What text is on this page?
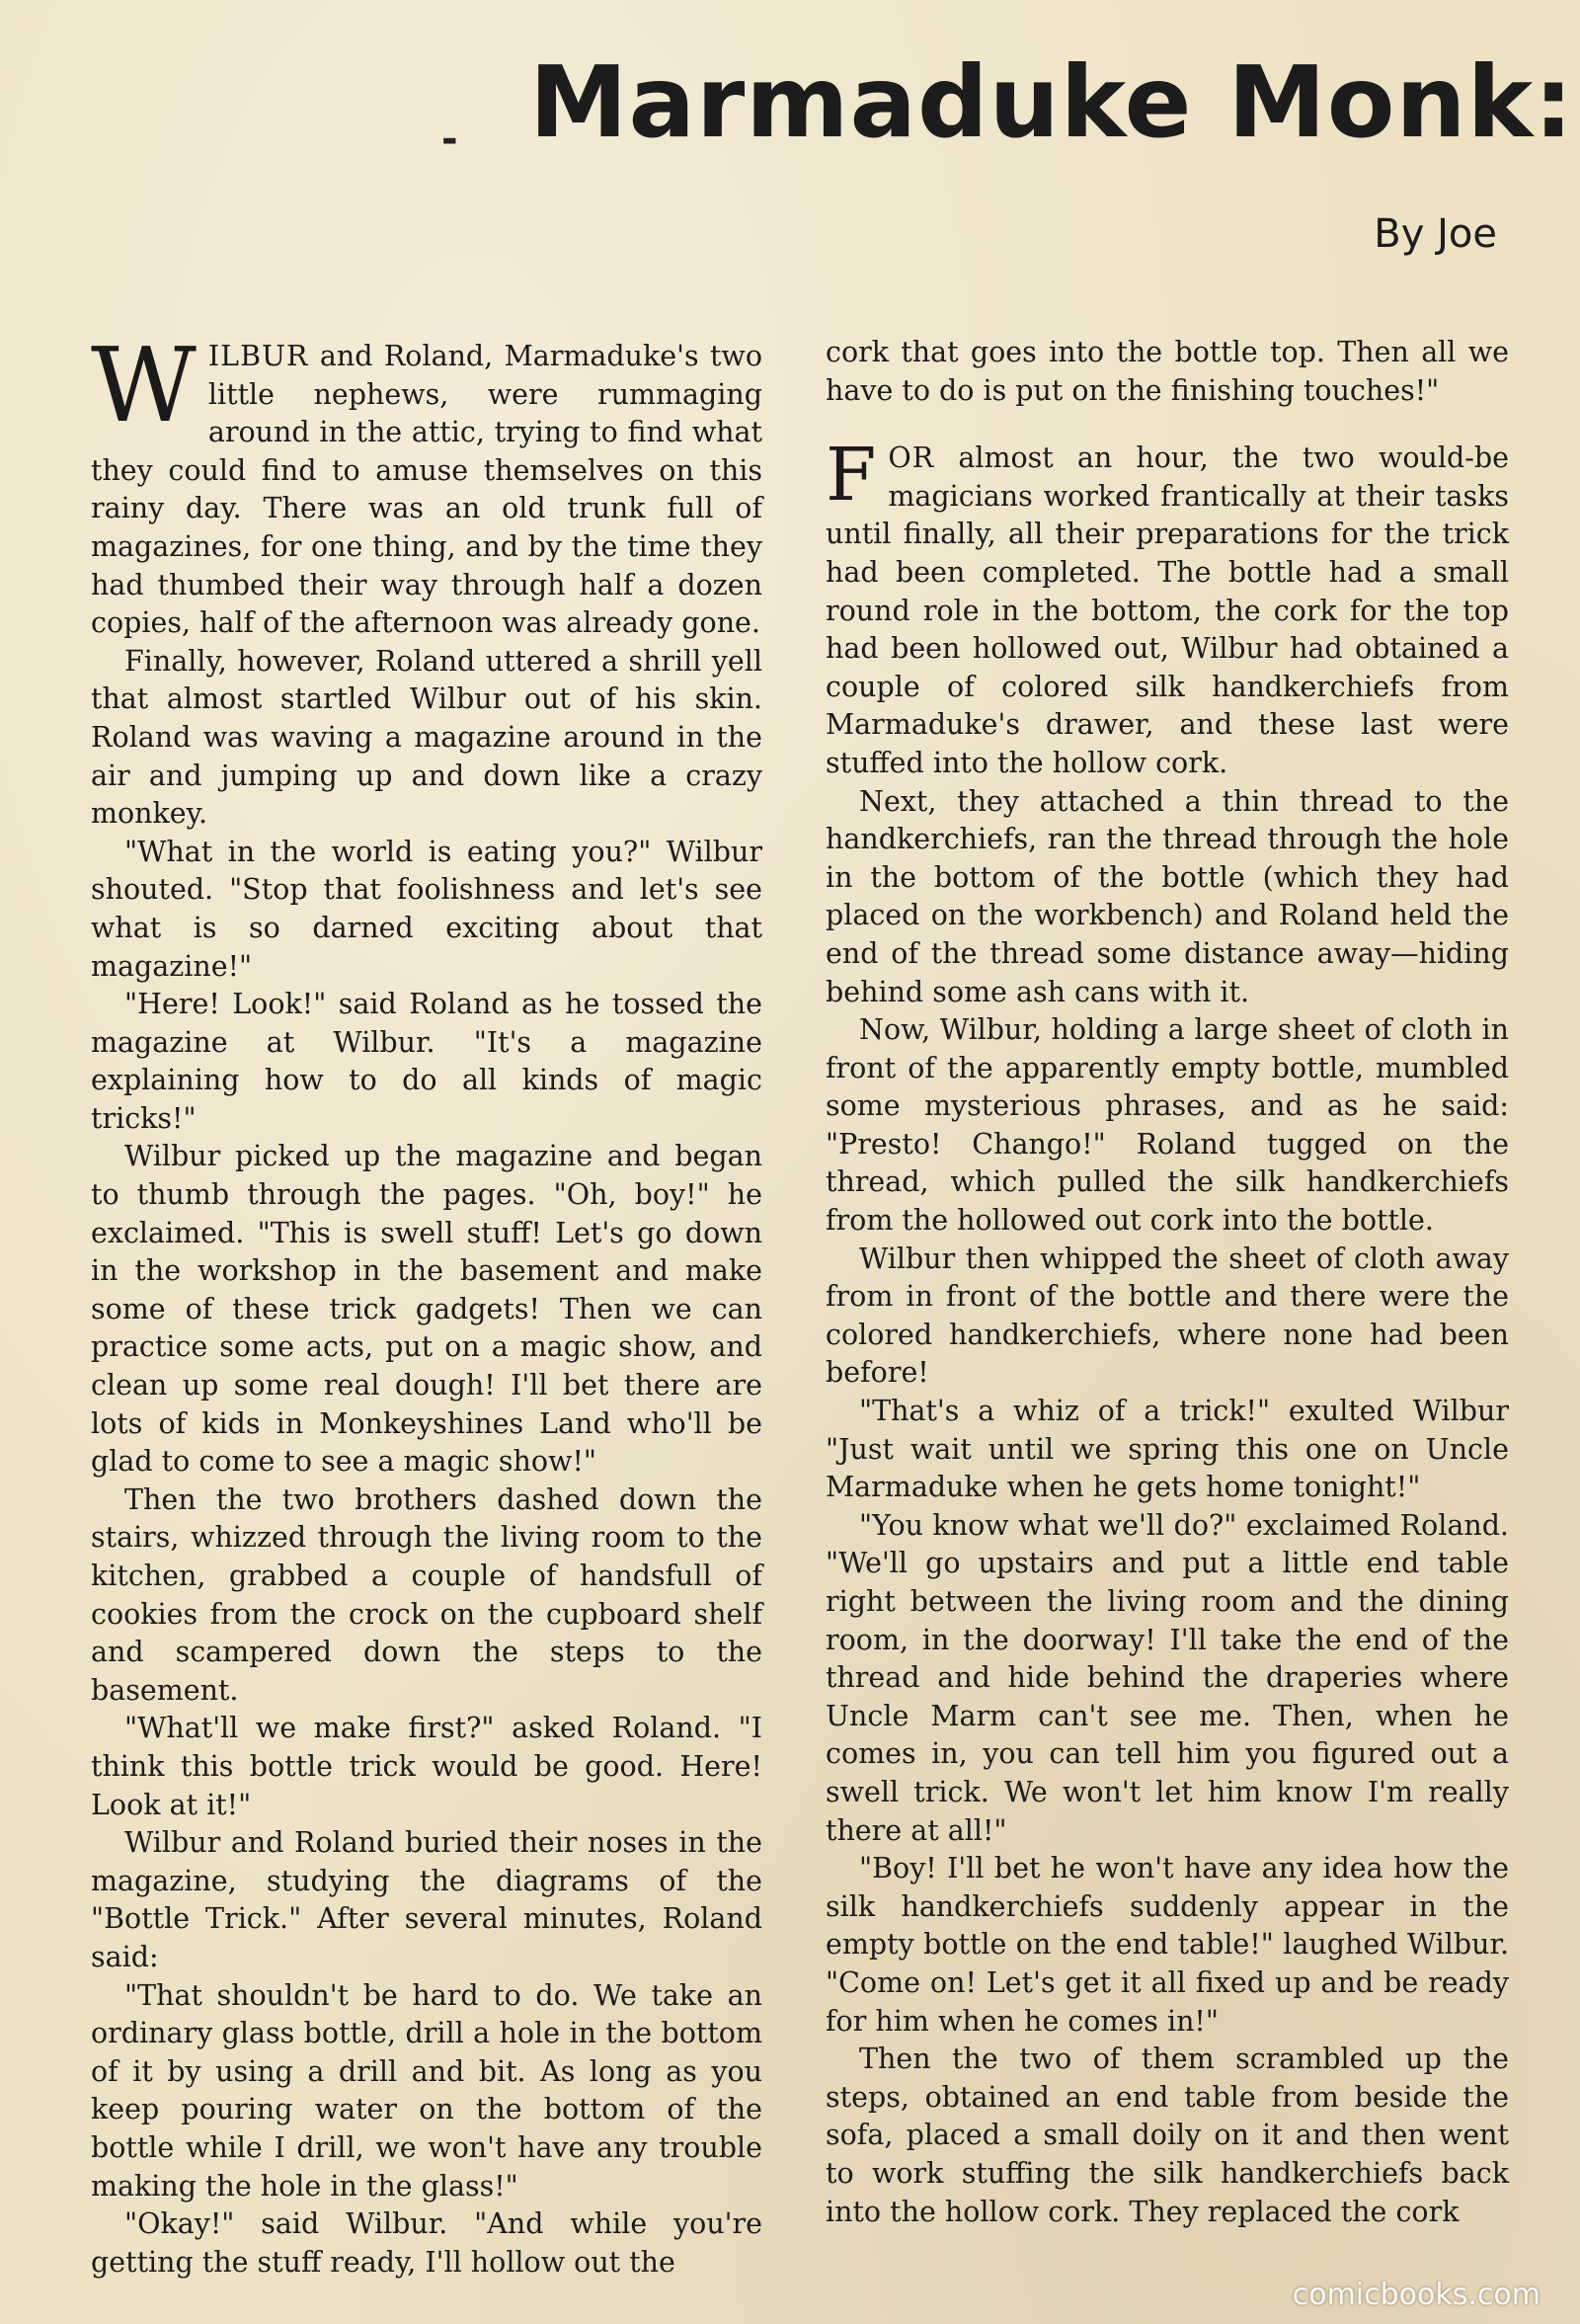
- Marmaduke Monk:
By Joe

WILBUR and Roland, Marmaduke's two little nephews, were rummaging around in the attic, trying to find what they could find to amuse themselves on this rainy day. There was an old trunk full of magazines, for one thing, and by the time they had thumbed their way through half a dozen copies, half of the afternoon was already gone.

Finally, however, Roland uttered a shrill yell that almost startled Wilbur out of his skin. Roland was waving a magazine around in the air and jumping up and down like a crazy monkey.

"What in the world is eating you?" Wilbur shouted. "Stop that foolishness and let's see what is so darned exciting about that magazine!"

"Here! Look!" said Roland as he tossed the magazine at Wilbur. "It's a magazine explaining how to do all kinds of magic tricks!"

Wilbur picked up the magazine and began to thumb through the pages. "Oh, boy!" he exclaimed. "This is swell stuff! Let's go down in the workshop in the basement and make some of these trick gadgets! Then we can practice some acts, put on a magic show, and clean up some real dough! I'll bet there are lots of kids in Monkeyshines Land who'll be glad to come to see a magic show!"

Then the two brothers dashed down the stairs, whizzed through the living room to the kitchen, grabbed a couple of handsfull of cookies from the crock on the cupboard shelf and scampered down the steps to the basement.

"What'll we make first?" asked Roland. "I think this bottle trick would be good. Here! Look at it!"

Wilbur and Roland buried their noses in the magazine, studying the diagrams of the "Bottle Trick." After several minutes, Roland said:

"That shouldn't be hard to do. We take an ordinary glass bottle, drill a hole in the bottom of it by using a drill and bit. As long as you keep pouring water on the bottom of the bottle while I drill, we won't have any trouble making the hole in the glass!"

"Okay!" said Wilbur. "And while you're getting the stuff ready, I'll hollow out the

cork that goes into the bottle top. Then all we have to do is put on the finishing touches!"

FOR almost an hour, the two would-be magicians worked frantically at their tasks until finally, all their preparations for the trick had been completed. The bottle had a small round role in the bottom, the cork for the top had been hollowed out, Wilbur had obtained a couple of colored silk handkerchiefs from Marmaduke's drawer, and these last were stuffed into the hollow cork.

Next, they attached a thin thread to the handkerchiefs, ran the thread through the hole in the bottom of the bottle (which they had placed on the workbench) and Roland held the end of the thread some distance away—hiding behind some ash cans with it.

Now, Wilbur, holding a large sheet of cloth in front of the apparently empty bottle, mumbled some mysterious phrases, and as he said: "Presto! Chango!" Roland tugged on the thread, which pulled the silk handkerchiefs from the hollowed out cork into the bottle.

Wilbur then whipped the sheet of cloth away from in front of the bottle and there were the colored handkerchiefs, where none had been before!

"That's a whiz of a trick!" exulted Wilbur "Just wait until we spring this one on Uncle Marmaduke when he gets home tonight!"

"You know what we'll do?" exclaimed Roland. "We'll go upstairs and put a little end table right between the living room and the dining room, in the doorway! I'll take the end of the thread and hide behind the draperies where Uncle Marm can't see me. Then, when he comes in, you can tell him you figured out a swell trick. We won't let him know I'm really there at all!"

"Boy! I'll bet he won't have any idea how the silk handkerchiefs suddenly appear in the empty bottle on the end table!" laughed Wilbur. "Come on! Let's get it all fixed up and be ready for him when he comes in!"

Then the two of them scrambled up the steps, obtained an end table from beside the sofa, placed a small doily on it and then went to work stuffing the silk handkerchiefs back into the hollow cork. They replaced the cork

comicbooks.com
